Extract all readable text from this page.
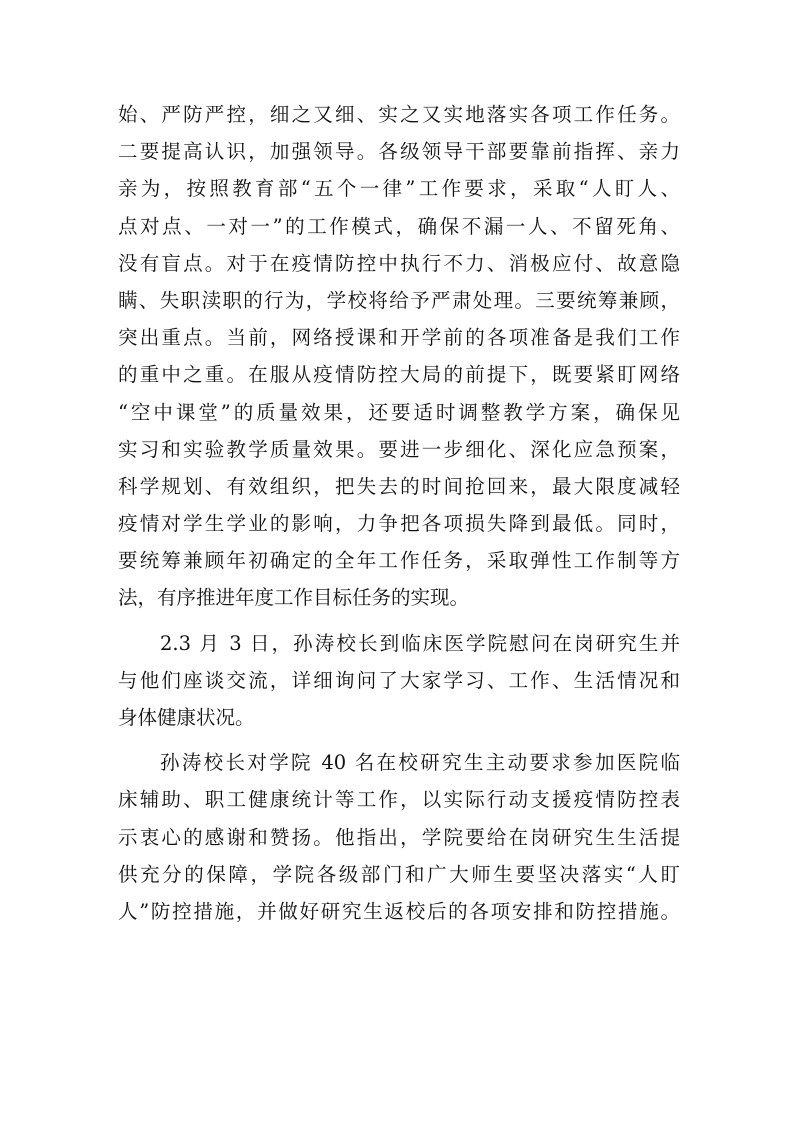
始、严防严控，细之又细、实之又实地落实各项工作任务。
二要提高认识，加强领导。各级领导干部要靠前指挥、亲力
亲为，按照教育部“五个一律”工作要求，采取“人盯人、
点对点、一对一”的工作模式，确保不漏一人、不留死角、
没有盲点。对于在疫情防控中执行不力、消极应付、故意隐
瞒、失职渎职的行为，学校将给予严肃处理。三要统筹兼顾，
突出重点。当前，网络授课和开学前的各项准备是我们工作
的重中之重。在服从疫情防控大局的前提下，既要紧盯网络
“空中课堂”的质量效果，还要适时调整教学方案，确保见
实习和实验教学质量效果。要进一步细化、深化应急预案，
科学规划、有效组织，把失去的时间抢回来，最大限度减轻
疫情对学生学业的影响，力争把各项损失降到最低。同时，
要统筹兼顾年初确定的全年工作任务，采取弹性工作制等方
法，有序推进年度工作目标任务的实现。
2.3 月 3 日，孙涛校长到临床医学院慰问在岗研究生并
与他们座谈交流，详细询问了大家学习、工作、生活情况和
身体健康状况。
孙涛校长对学院 40 名在校研究生主动要求参加医院临
床辅助、职工健康统计等工作，以实际行动支援疫情防控表
示衷心的感谢和赞扬。他指出，学院要给在岗研究生生活提
供充分的保障，学院各级部门和广大师生要坚决落实“人盯
人”防控措施，并做好研究生返校后的各项安排和防控措施。
